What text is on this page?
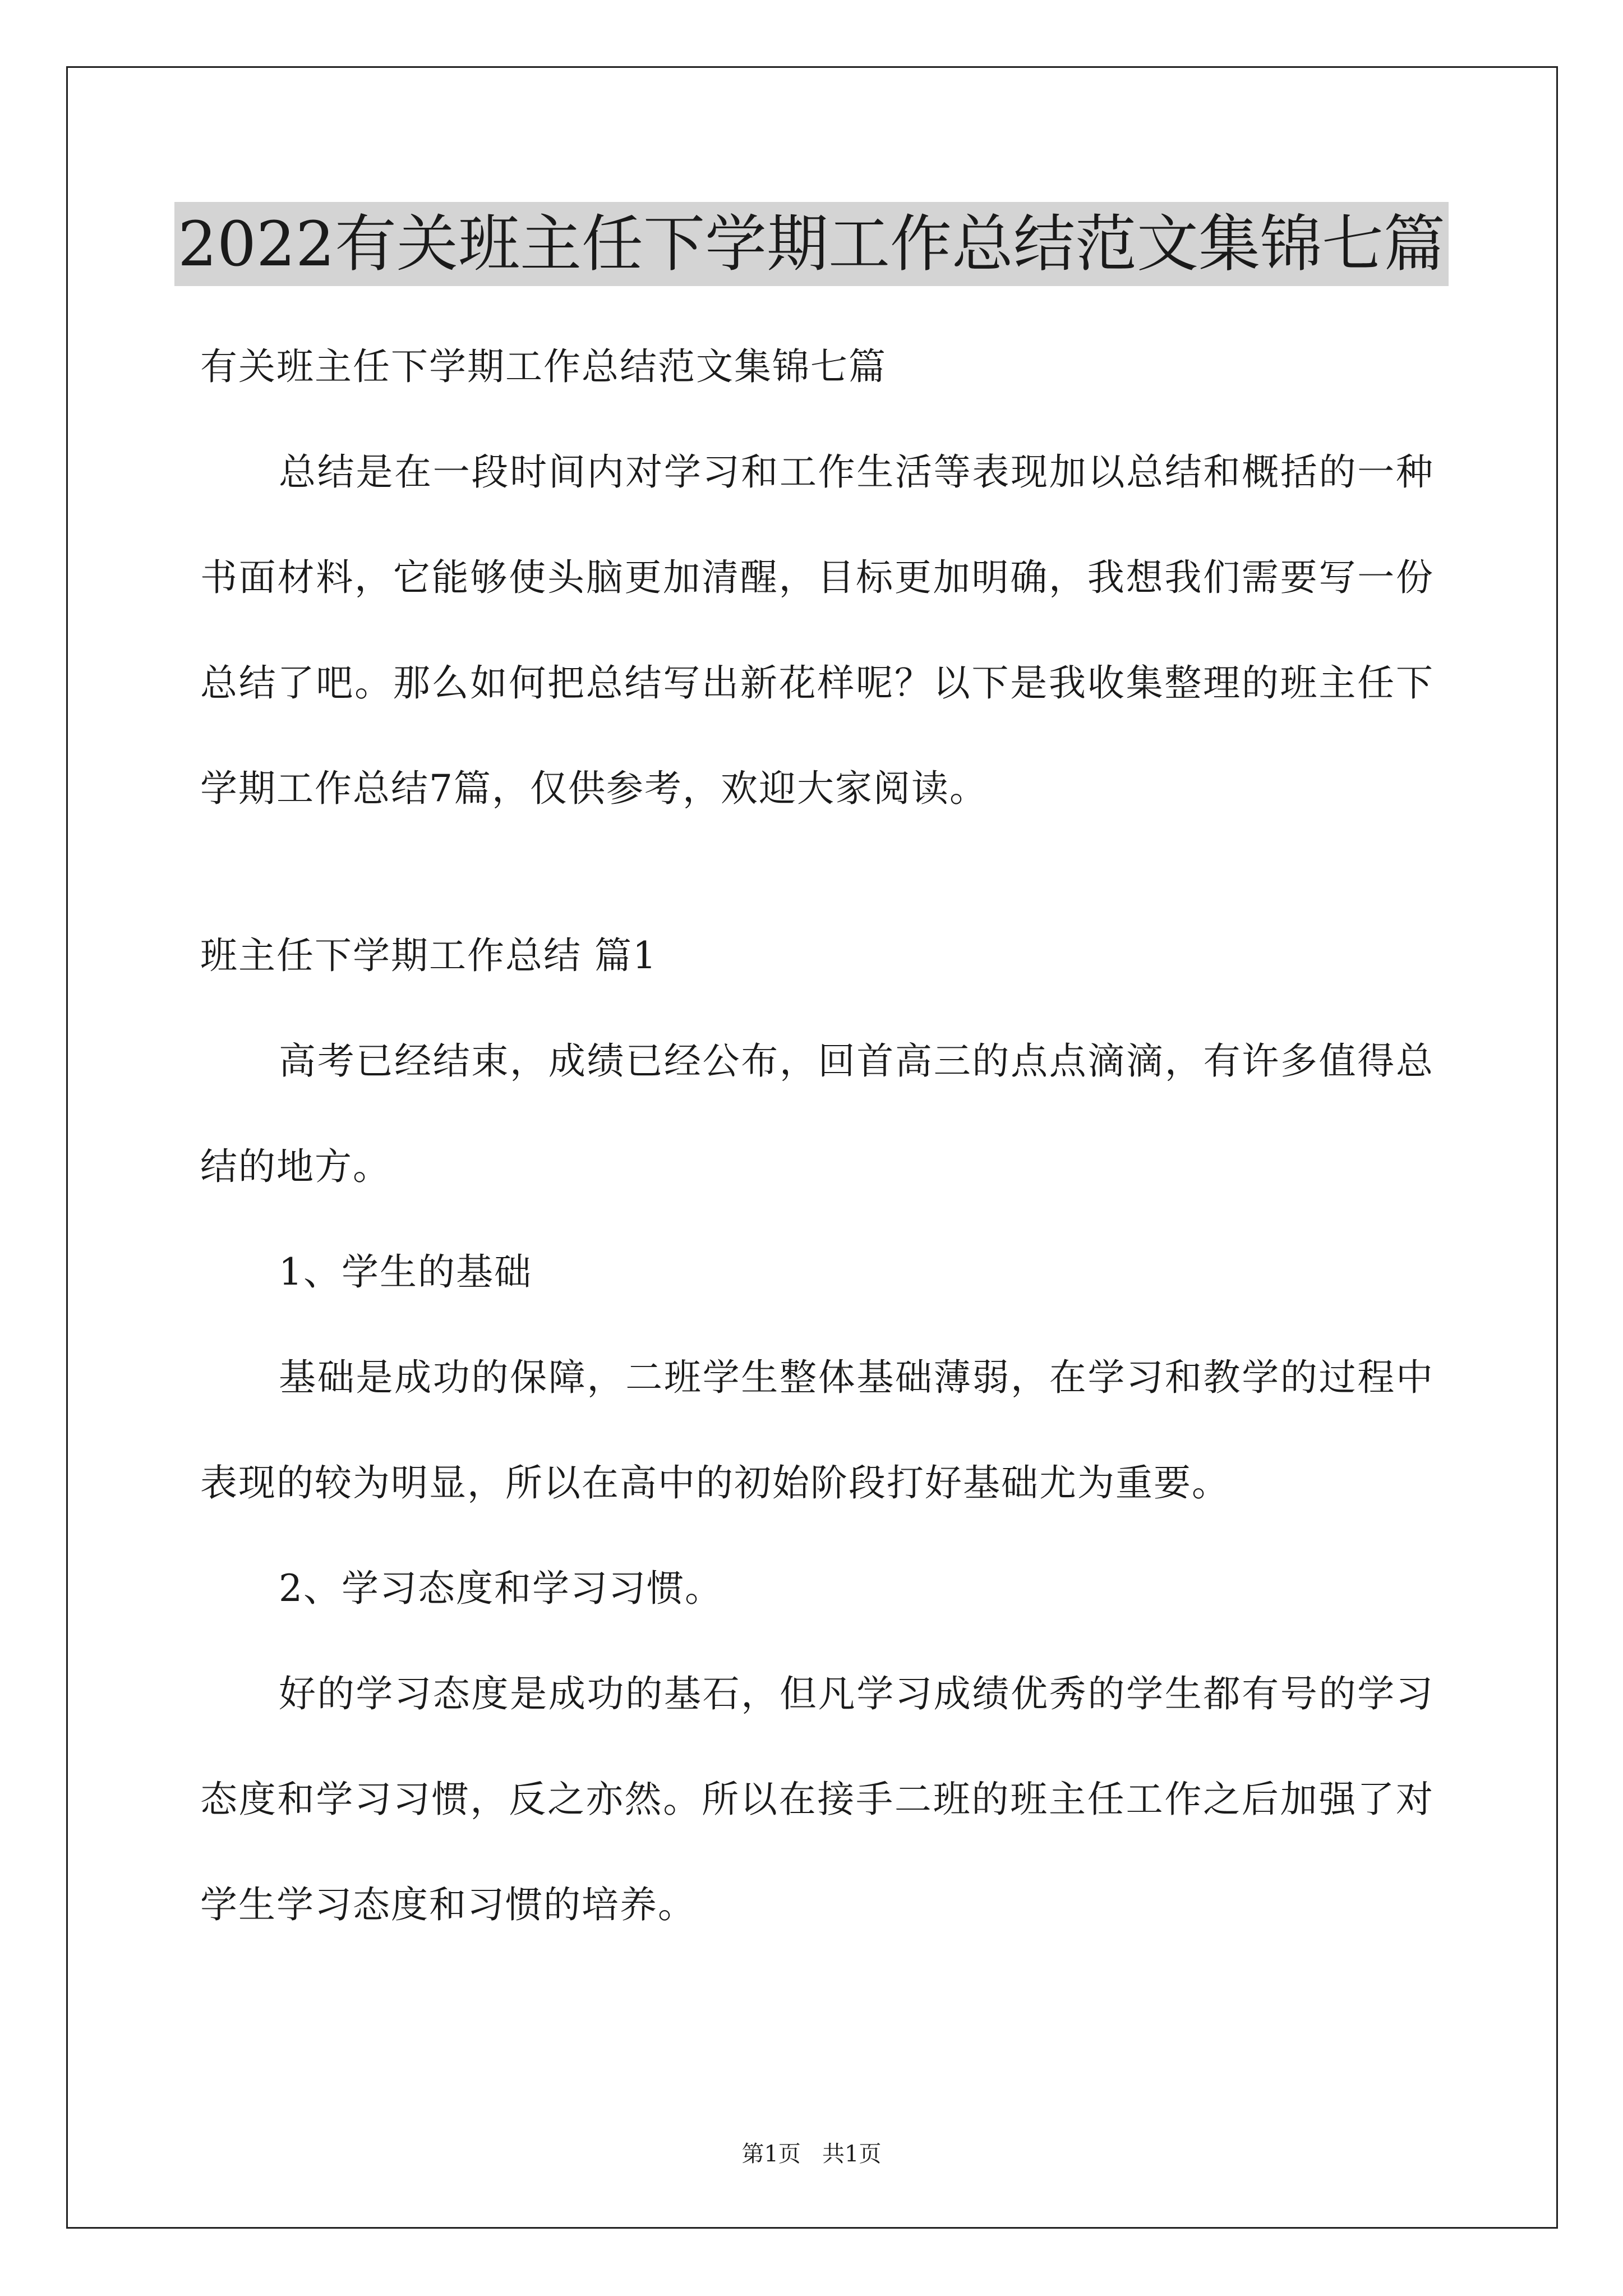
2022有关班主任下学期工作总结范文集锦七篇

有关班主任下学期工作总结范文集锦七篇

总结是在一段时间内对学习和工作生活等表现加以总结和概括的一种书面材料，它能够使头脑更加清醒，目标更加明确，我想我们需要写一份总结了吧。那么如何把总结写出新花样呢？以下是我收集整理的班主任下学期工作总结7篇，仅供参考，欢迎大家阅读。

班主任下学期工作总结 篇1

高考已经结束，成绩已经公布，回首高三的点点滴滴，有许多值得总结的地方。

1、学生的基础

基础是成功的保障，二班学生整体基础薄弱，在学习和教学的过程中表现的较为明显，所以在高中的初始阶段打好基础尤为重要。

2、学习态度和学习习惯。

好的学习态度是成功的基石，但凡学习成绩优秀的学生都有号的学习态度和学习习惯，反之亦然。所以在接手二班的班主任工作之后加强了对学生学习态度和习惯的培养。

第1页   共1页
